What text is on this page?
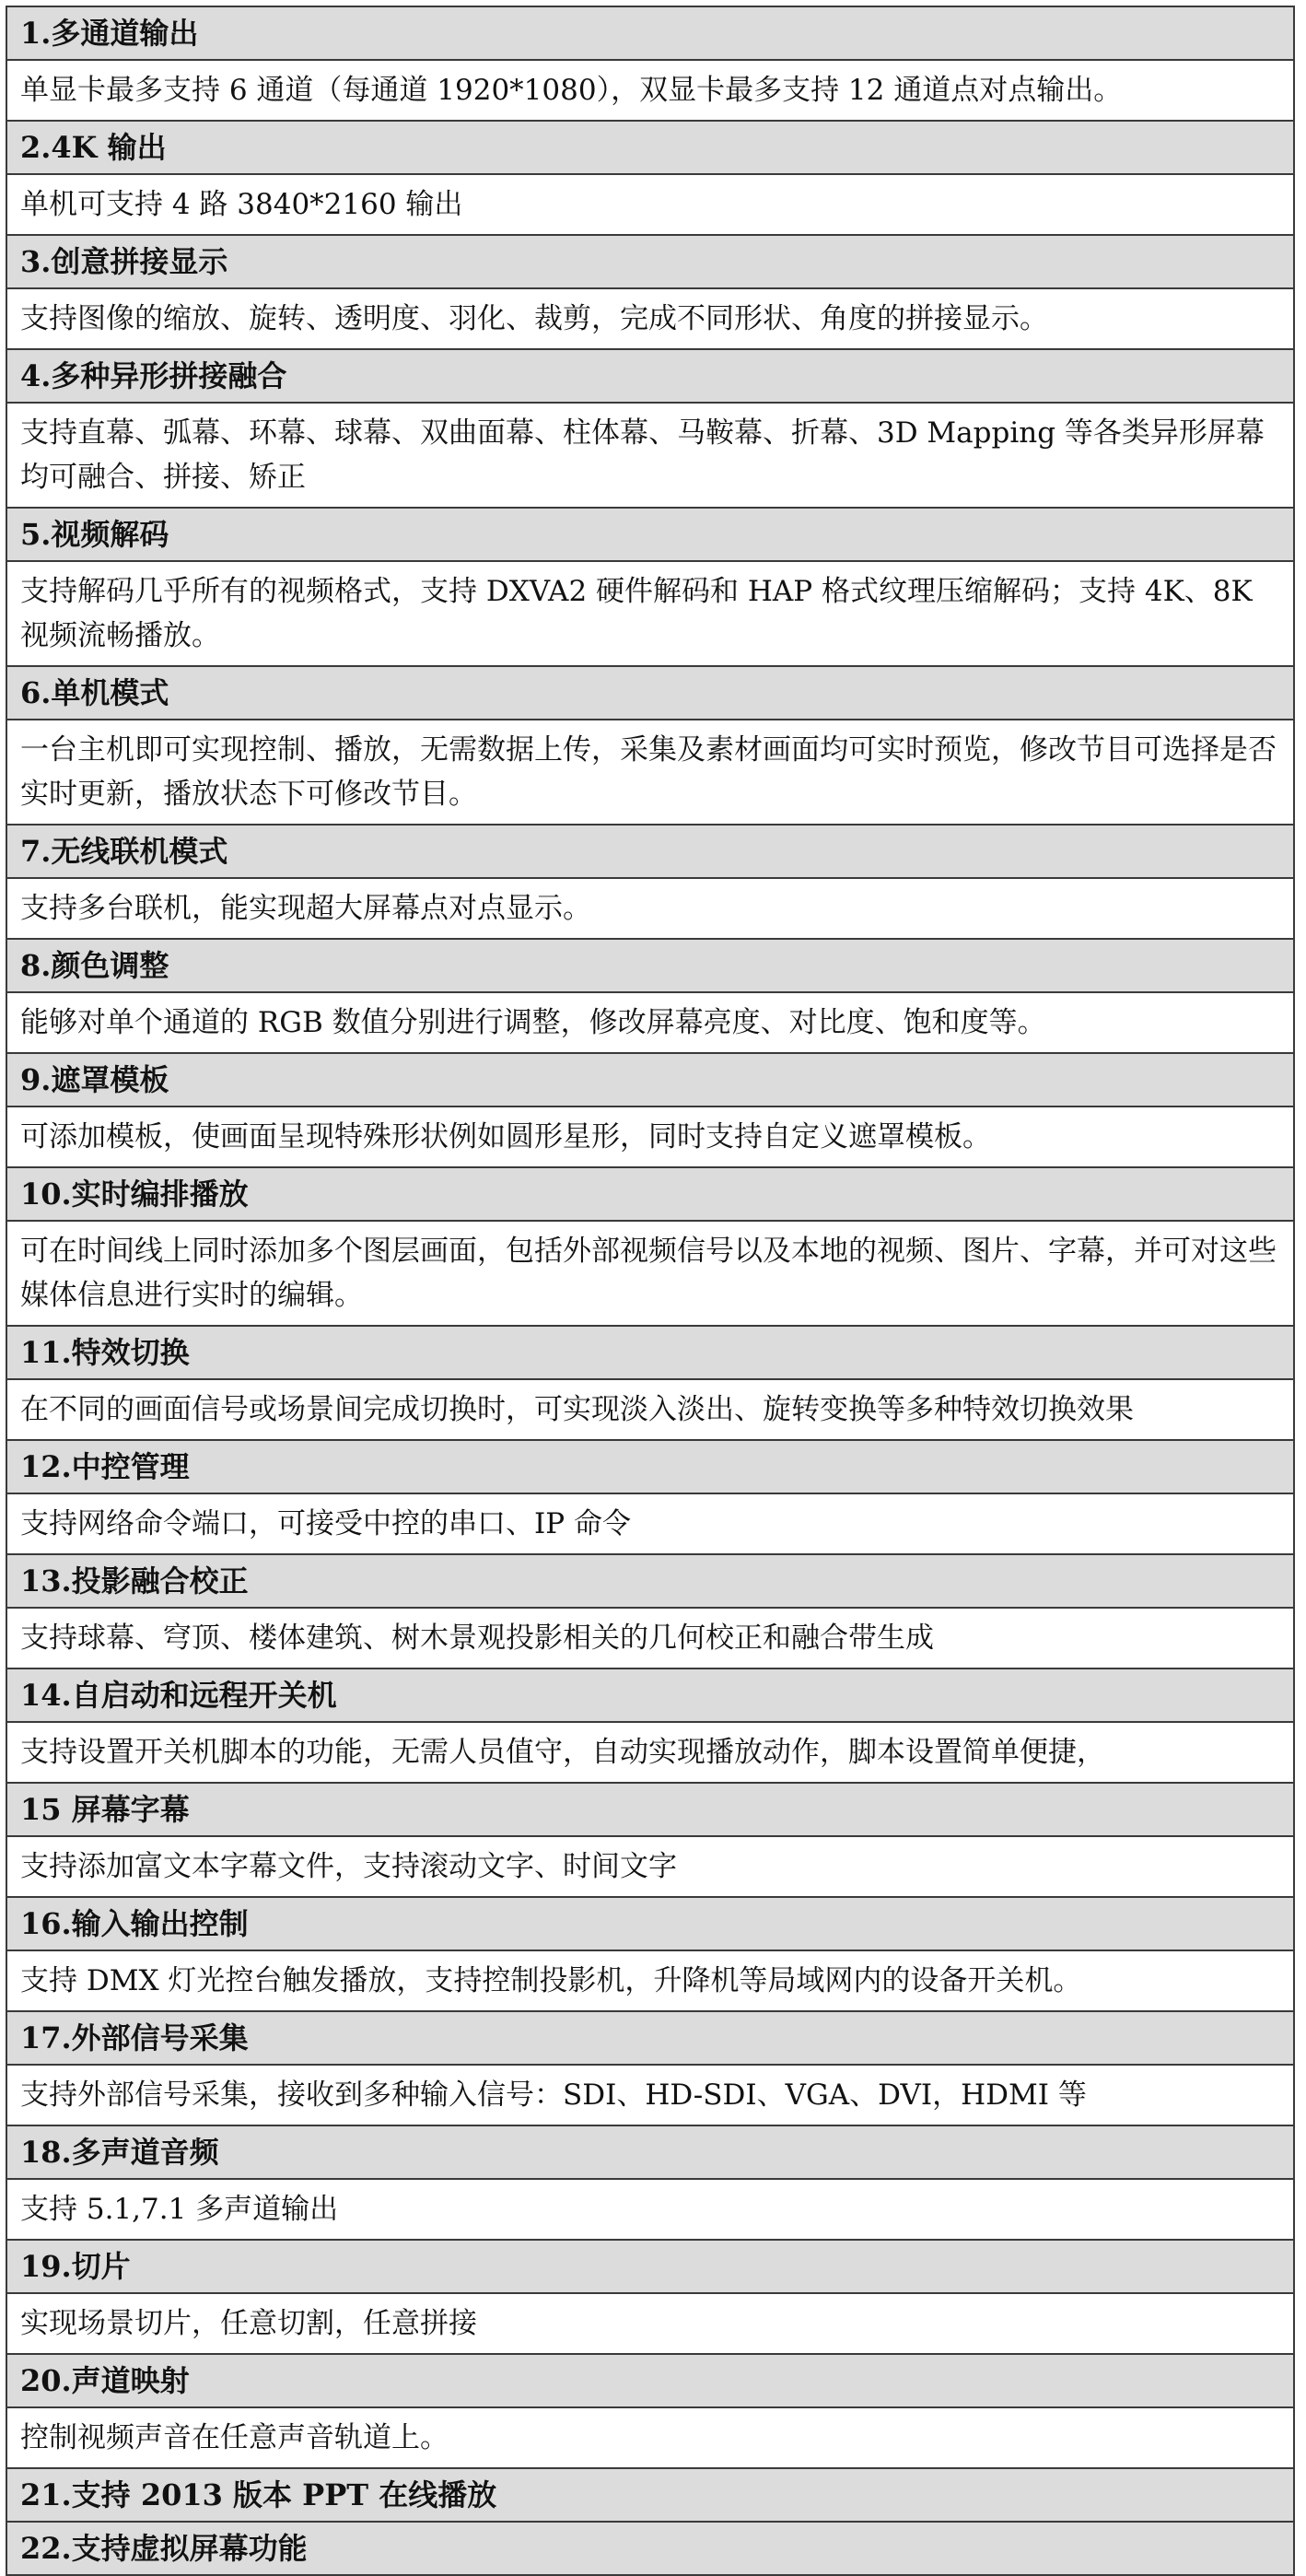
1.多通道输出
单显卡最多支持 6 通道（每通道 1920*1080），双显卡最多支持 12 通道点对点输出。
2.4K 输出
单机可支持 4 路 3840*2160 输出
3.创意拼接显示
支持图像的缩放、旋转、透明度、羽化、裁剪，完成不同形状、角度的拼接显示。
4.多种异形拼接融合
支持直幕、弧幕、环幕、球幕、双曲面幕、柱体幕、马鞍幕、折幕、3D Mapping 等各类异形屏幕均可融合、拼接、矫正
5.视频解码
支持解码几乎所有的视频格式，支持 DXVA2 硬件解码和 HAP 格式纹理压缩解码；支持 4K、8K 视频流畅播放。
6.单机模式
一台主机即可实现控制、播放，无需数据上传，采集及素材画面均可实时预览，修改节目可选择是否实时更新，播放状态下可修改节目。
7.无线联机模式
支持多台联机，能实现超大屏幕点对点显示。
8.颜色调整
能够对单个通道的 RGB 数值分别进行调整，修改屏幕亮度、对比度、饱和度等。
9.遮罩模板
可添加模板，使画面呈现特殊形状例如圆形星形，同时支持自定义遮罩模板。
10.实时编排播放
可在时间线上同时添加多个图层画面，包括外部视频信号以及本地的视频、图片、字幕，并可对这些媒体信息进行实时的编辑。
11.特效切换
在不同的画面信号或场景间完成切换时，可实现淡入淡出、旋转变换等多种特效切换效果
12.中控管理
支持网络命令端口，可接受中控的串口、IP 命令
13.投影融合校正
支持球幕、穹顶、楼体建筑、树木景观投影相关的几何校正和融合带生成
14.自启动和远程开关机
支持设置开关机脚本的功能，无需人员值守，自动实现播放动作，脚本设置简单便捷，
15 屏幕字幕
支持添加富文本字幕文件，支持滚动文字、时间文字
16.输入输出控制
支持 DMX 灯光控台触发播放，支持控制投影机，升降机等局域网内的设备开关机。
17.外部信号采集
支持外部信号采集，接收到多种输入信号：SDI、HD-SDI、VGA、DVI，HDMI 等
18.多声道音频
支持 5.1,7.1 多声道输出
19.切片
实现场景切片，任意切割，任意拼接
20.声道映射
控制视频声音在任意声音轨道上。
21.支持 2013 版本 PPT 在线播放
22.支持虚拟屏幕功能
